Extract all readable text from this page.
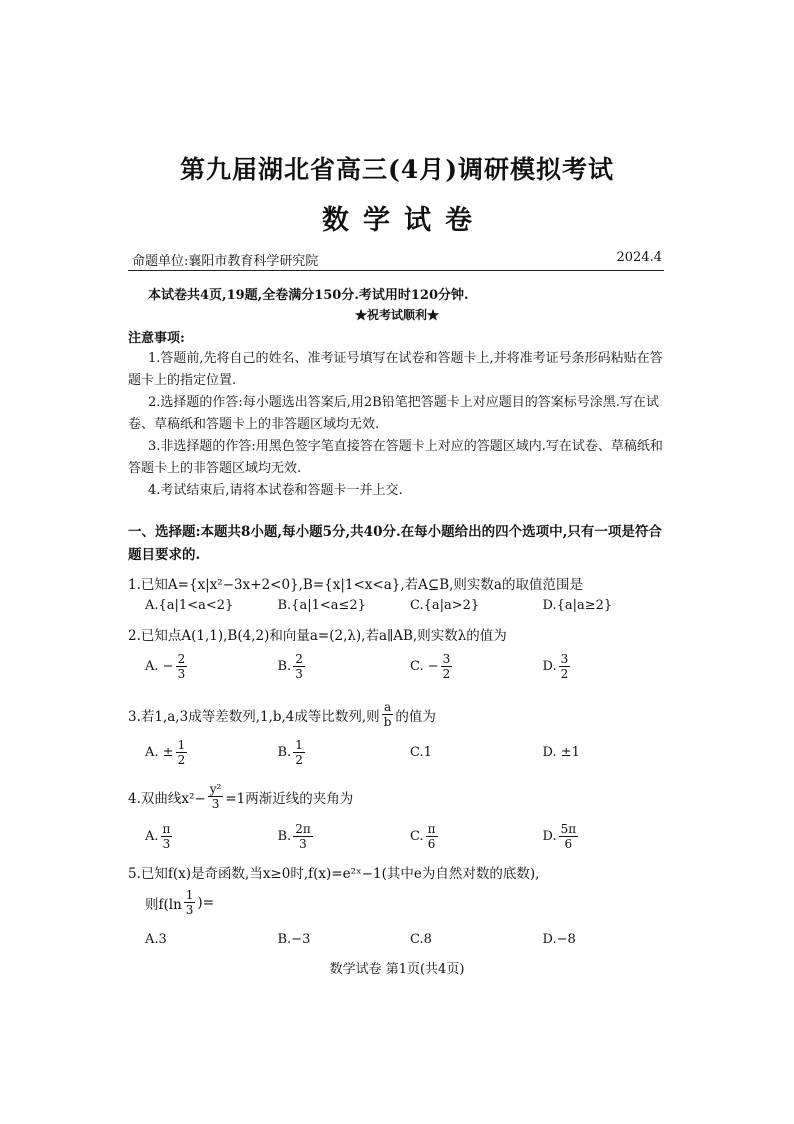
第九届湖北省高三(4月)调研模拟考试
数学试卷
命题单位:襄阳市教育科学研究院	2024.4
本试卷共4页,19题,全卷满分150分.考试用时120分钟.
★祝考试顺利★
注意事项:
1.答题前,先将自己的姓名、准考证号填写在试卷和答题卡上,并将准考证号条形码粘贴在答题卡上的指定位置.
2.选择题的作答:每小题选出答案后,用2B铅笔把答题卡上对应题目的答案标号涂黑.写在试卷、草稿纸和答题卡上的非答题区域均无效.
3.非选择题的作答:用黑色签字笔直接答在答题卡上对应的答题区域内.写在试卷、草稿纸和答题卡上的非答题区域均无效.
4.考试结束后,请将本试卷和答题卡一并上交.
一、选择题:本题共8小题,每小题5分,共40分.在每小题给出的四个选项中,只有一项是符合题目要求的.
1.已知A={x|x²−3x+2<0},B={x|1<x<a},若A⊆B,则实数a的取值范围是
A.{a|1<a<2}	B.{a|1<a≤2}	C.{a|a>2}	D.{a|a≥2}
2.已知点A(1,1),B(4,2)和向量a=(2,λ),若a∥AB,则实数λ的值为
A.
− $\frac{2}{3}$	B. $\frac{2}{3}$	C.
− $\frac{3}{2}$	D. $\frac{3}{2}$
3.若1,a,3成等差数列,1,b,4成等比数列,则 $\frac{a}{b}$ 的值为
A.
± $\frac{1}{2}$	B. $\frac{1}{2}$	C. 1	D.
±1
4.双曲线$x^2- \frac{\text{y²}}{3} =1$两渐近线的夹角为
A. $\frac{\pi}{3}$	B. $\frac{2\pi}{3}$	C. $\frac{\pi}{6}$	D. $\frac{5\pi}{6}$
5.已知f(x)是奇函数,当x≥0时,f(x)=e²ˣ−1(其中e为自然对数的底数),
则$f(\ln \frac{1}{3}$ )=
A.3	B.−3	C.8	D.−8
数学试卷 第1页(共4页)
